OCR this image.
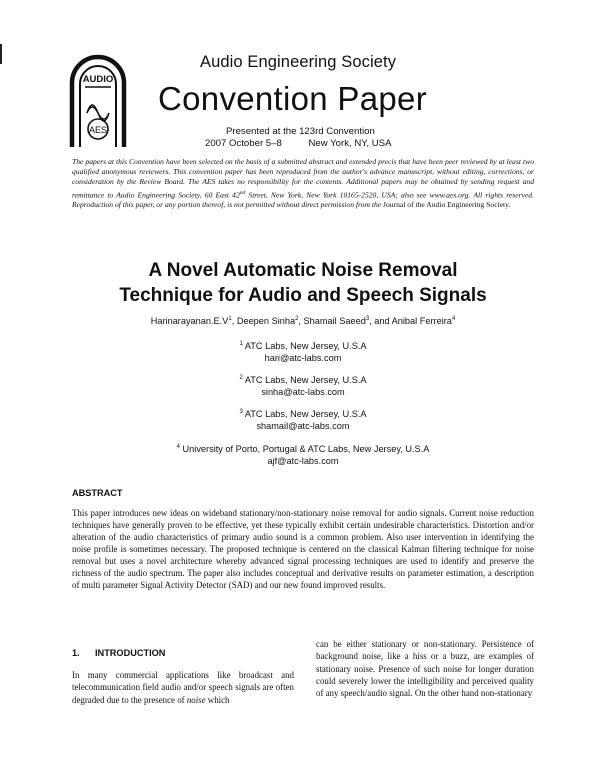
AUDIO
AES
Audio Engineering Society
Convention Paper
Presented at the 123rd Convention
2007 October 5–8	New York, NY, USA
The papers at this Convention have been selected on the basis of a submitted abstract and extended precis that have been peer reviewed by at least two qualified anonymous reviewers. This convention paper has been reproduced from the author's advance manuscript, without editing, corrections, or consideration by the Review Board. The AES takes no responsibility for the contents. Additional papers may be obtained by sending request and remittance to Audio Engineering Society, 60 East 42nd Street, New York, New York 10165-2520, USA; also see www.aes.org. All rights reserved. Reproduction of this paper, or any portion thereof, is not permitted without direct permission from the Journal of the Audio Engineering Society.
A Novel Automatic Noise Removal
Technique for Audio and Speech Signals
$Harinarayanan.E.V^1$, Deepen Sinha$^2$, Shamail Saeed$^3$, and Anibal Ferreira$^4$
$^1$ ATC Labs, New Jersey, U.S.A
hari@atc-labs.com
$^2$ ATC Labs, New Jersey, U.S.A
sinha@atc-labs.com
$^3$ ATC Labs, New Jersey, U.S.A
shamail@atc-labs.com
$^4$ University of Porto, Portugal & ATC Labs, New Jersey, U.S.A
ajf@atc-labs.com
ABSTRACT
This paper introduces new ideas on wideband stationary/non-stationary noise removal for audio signals. Current noise reduction techniques have generally proven to be effective, yet these typically exhibit certain undesirable characteristics. Distortion and/or alteration of the audio characteristics of primary audio sound is a common problem. Also user intervention in identifying the noise profile is sometimes necessary. The proposed technique is centered on the classical Kalman filtering technique for noise removal but uses a novel architecture whereby advanced signal processing techniques are used to identify and preserve the richness of the audio spectrum. The paper also includes conceptual and derivative results on parameter estimation, a description of multi parameter Signal Activity Detector (SAD) and our new found improved results.
1. INTRODUCTION
In many commercial applications like broadcast and telecommunication field audio and/or speech signals are often degraded due to the presence of noise which
can be either stationary or non-stationary. Persistence of background noise, like a hiss or a buzz, are examples of stationary noise. Presence of such noise for longer duration could severely lower the intelligibility and perceived quality of any speech/audio signal. On the other hand non-stationary
